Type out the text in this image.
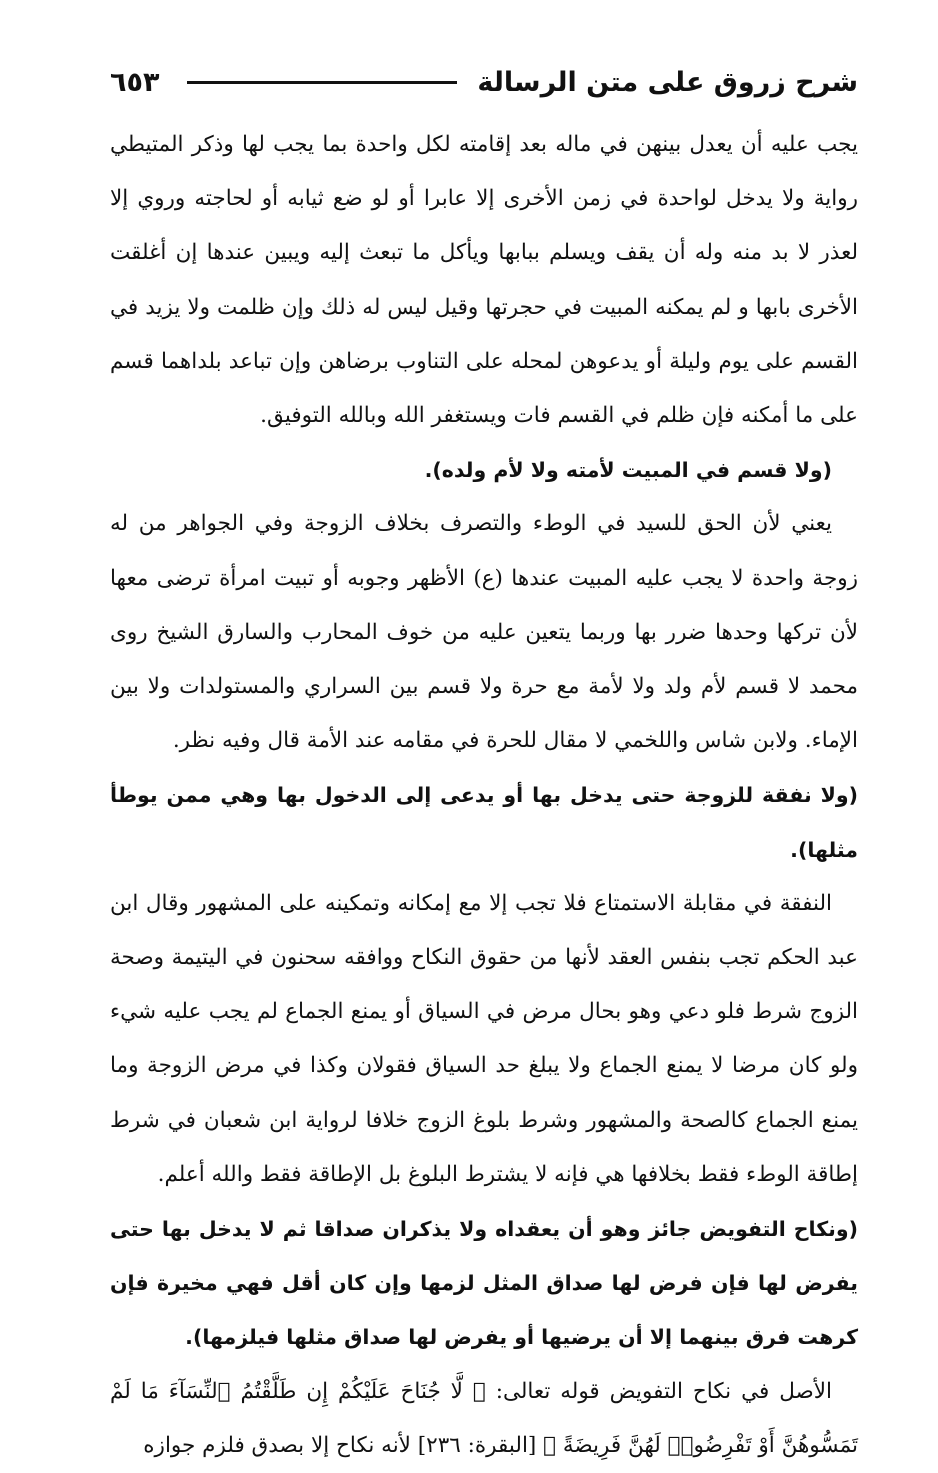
شرح زروق على متن الرسالة
٦٥٣

يجب عليه أن يعدل بينهن في ماله بعد إقامته لكل واحدة بما يجب لها وذكر المتيطي رواية ولا يدخل لواحدة في زمن الأخرى إلا عابرا أو لو ضع ثيابه أو لحاجته وروي إلا لعذر لا بد منه وله أن يقف ويسلم ببابها ويأكل ما تبعث إليه ويبين عندها إن أغلقت الأخرى بابها و لم يمكنه المبيت في حجرتها وقيل ليس له ذلك وإن ظلمت ولا يزيد في القسم على يوم وليلة أو يدعوهن لمحله على التناوب برضاهن وإن تباعد بلداهما قسم على ما أمكنه فإن ظلم في القسم فات ويستغفر الله وبالله التوفيق.

(ولا قسم في المبيت لأمته ولا لأم ولده).

يعني لأن الحق للسيد في الوطء والتصرف بخلاف الزوجة وفي الجواهر من له زوجة واحدة لا يجب عليه المبيت عندها (ع) الأظهر وجوبه أو تبيت امرأة ترضى معها لأن تركها وحدها ضرر بها وربما يتعين عليه من خوف المحارب والسارق الشيخ روى محمد لا قسم لأم ولد ولا لأمة مع حرة ولا قسم بين السراري والمستولدات ولا بين الإماء. ولابن شاس واللخمي لا مقال للحرة في مقامه عند الأمة قال وفيه نظر.

(ولا نفقة للزوجة حتى يدخل بها أو يدعى إلى الدخول بها وهي ممن يوطأ مثلها).

النفقة في مقابلة الاستمتاع فلا تجب إلا مع إمكانه وتمكينه على المشهور وقال ابن عبد الحكم تجب بنفس العقد لأنها من حقوق النكاح ووافقه سحنون في اليتيمة وصحة الزوج شرط فلو دعي وهو بحال مرض في السياق أو يمنع الجماع لم يجب عليه شيء ولو كان مرضا لا يمنع الجماع ولا يبلغ حد السياق فقولان وكذا في مرض الزوجة وما يمنع الجماع كالصحة والمشهور وشرط بلوغ الزوج خلافا لرواية ابن شعبان في شرط إطاقة الوطء فقط بخلافها هي فإنه لا يشترط البلوغ بل الإطاقة فقط والله أعلم.

(ونكاح التفويض جائز وهو أن يعقداه ولا يذكران صداقا ثم لا يدخل بها حتى يفرض لها فإن فرض لها صداق المثل لزمها وإن كان أقل فهي مخيرة فإن كرهت فرق بينهما إلا أن يرضيها أو يفرض لها صداق مثلها فيلزمها).

الأصل في نكاح التفويض قوله تعالى: ﴿ لَّا جُنَاحَ عَلَيْكُمْ إِن طَلَّقْتُمُ ٱلنِّسَآءَ مَا لَمْ تَمَسُّوهُنَّ أَوْ تَفْرِضُوا۟ لَهُنَّ فَرِيضَةً ﴾ [البقرة: ٢٣٦] لأنه نكاح إلا بصدق فلزم جوازه
